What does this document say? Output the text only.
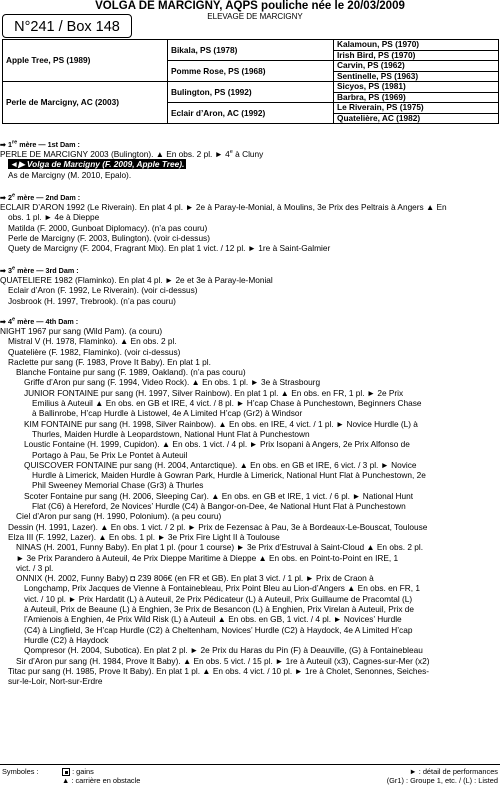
VOLGA DE MARCIGNY, AQPS pouliche née le 20/03/2009
ELEVAGE DE MARCIGNY
N°241 / Box 148
Apple Tree, PS (1989)	Bikala, PS (1978)	Kalamoun, PS (1970)
		Irish Bird, PS (1970)
	Pomme Rose, PS (1968)	Carvin, PS (1962)
		Sentinelle, PS (1963)
Perle de Marcigny, AC (2003)	Bulington, PS (1992)	Sicyos, PS (1981)
		Barbra, PS (1969)
	Eclair d’Aron, AC (1992)	Le Riverain, PS (1975)
		Quatelière, AC (1982)
➡ 1re mère — 1st Dam :
PERLE DE MARCIGNY 2003 (Bulington). ▲ En obs. 2 pl. ► 4e à Cluny
◄▶ Volga de Marcigny (F. 2009, Apple Tree).
As de Marcigny (M. 2010, Epalo).
➡ 2e mère — 2nd Dam :
ECLAIR D’ARON 1992 (Le Riverain). En plat 4 pl. ► 2e à Paray-le-Monial, à Moulins, 3e Prix des Peltrais à Angers ▲ En
obs. 1 pl. ► 4e à Dieppe
Matilda (F. 2000, Gunboat Diplomacy). (n’a pas couru)
Perle de Marcigny (F. 2003, Bulington). (voir ci-dessus)
Quety de Marcigny (F. 2004, Fragrant Mix). En plat 1 vict. / 12 pl. ► 1re à Saint-Galmier
➡ 3e mère — 3rd Dam :
QUATELIERE 1982 (Flaminko). En plat 4 pl. ► 2e et 3e à Paray-le-Monial
Eclair d’Aron (F. 1992, Le Riverain). (voir ci-dessus)
Josbrook (H. 1997, Trebrook). (n’a pas couru)
➡ 4e mère — 4th Dam :
NIGHT 1967 pur sang (Wild Pam). (a couru)
Mistral V (H. 1978, Flaminko). ▲ En obs. 2 pl.
Quatelière (F. 1982, Flaminko). (voir ci-dessus)
Raclette pur sang (F. 1983, Prove It Baby). En plat 1 pl.
Blanche Fontaine pur sang (F. 1989, Oakland). (n’a pas couru)
Griffe d’Aron pur sang (F. 1994, Video Rock). ▲ En obs. 1 pl. ► 3e à Strasbourg
JUNIOR FONTAINE pur sang (H. 1997, Silver Rainbow). En plat 1 pl. ▲ En obs. en FR, 1 pl. ► 2e Prix
Emilius à Auteuil ▲ En obs. en GB et IRE, 4 vict. / 8 pl. ► H’cap Chase à Punchestown, Beginners Chase
à Ballinrobe, H’cap Hurdle à Listowel, 4e A Limited H’cap (Gr2) à Windsor
KIM FONTAINE pur sang (H. 1998, Silver Rainbow). ▲ En obs. en IRE, 4 vict. / 1 pl. ► Novice Hurdle (L) à
Thurles, Maiden Hurdle à Leopardstown, National Hunt Flat à Punchestown
Loustic Fontaine (H. 1999, Cupidon). ▲ En obs. 1 vict. / 4 pl. ► Prix Isopani à Angers, 2e Prix Alfonso de
Portago à Pau, 5e Prix Le Pontet à Auteuil
QUISCOVER FONTAINE pur sang (H. 2004, Antarctique). ▲ En obs. en GB et IRE, 6 vict. / 3 pl. ► Novice
Hurdle à Limerick, Maiden Hurdle à Gowran Park, Hurdle à Limerick, National Hunt Flat à Punchestown, 2e
Phil Sweeney Memorial Chase (Gr3) à Thurles
Scoter Fontaine pur sang (H. 2006, Sleeping Car). ▲ En obs. en GB et IRE, 1 vict. / 6 pl. ► National Hunt
Flat (C6) à Hereford, 2e Novices’ Hurdle (C4) à Bangor-on-Dee, 4e National Hunt Flat à Punchestown
Ciel d’Aron pur sang (H. 1990, Polonium). (a peu couru)
Dessin (H. 1991, Lazer). ▲ En obs. 1 vict. / 2 pl. ► Prix de Fezensac à Pau, 3e à Bordeaux-Le-Bouscat, Toulouse
Elza III (F. 1992, Lazer). ▲ En obs. 1 pl. ► 3e Prix Fire Light II à Toulouse
NINAS (H. 2001, Funny Baby). En plat 1 pl. (pour 1 course) ► 3e Prix d’Estruval à Saint-Cloud ▲ En obs. 2 pl.
► 3e Prix Parandero à Auteuil, 4e Prix Dieppe Maritime à Dieppe ▲ En obs. en Point-to-Point en IRE, 1
vict. / 3 pl.
ONNIX (H. 2002, Funny Baby) ◘ 239 806€ (en FR et GB). En plat 3 vict. / 1 pl. ► Prix de Craon à
Longchamp, Prix Jacques de Vienne à Fontainebleau, Prix Point Bleu au Lion-d’Angers ▲ En obs. en FR, 1
vict. / 10 pl. ► Prix Hardatit (L) à Auteuil, 2e Prix Pédicateur (L) à Auteuil, Prix Guillaume de Pracomtal (L)
à Auteuil, Prix de Beaune (L) à Enghien, 3e Prix de Besancon (L) à Enghien, Prix Virelan à Auteuil, Prix de
l’Amienois à Enghien, 4e Prix Wild Risk (L) à Auteuil ▲ En obs. en GB, 1 vict. / 4 pl. ► Novices’ Hurdle
(C4) à Lingfield, 3e H’cap Hurdle (C2) à Cheltenham, Novices’ Hurdle (C2) à Haydock, 4e A Limited H’cap
Hurdle (C2) à Haydock
Qompresor (H. 2004, Subotica). En plat 2 pl. ► 2e Prix du Haras du Pin (F) à Deauville, (G) à Fontainebleau
Sir d’Aron pur sang (H. 1984, Prove It Baby). ▲ En obs. 5 vict. / 15 pl. ► 1re à Auteuil (x3), Cagnes-sur-Mer (x2)
Titac pur sang (H. 1985, Prove It Baby). En plat 1 pl. ▲ En obs. 4 vict. / 10 pl. ► 1re à Cholet, Senonnes, Seiches-
sur-le-Loir, Nort-sur-Erdre
Symboles :	: gains	► : détail de performances
▲ : carrière en obstacle	(Gr1) : Groupe 1, etc. / (L) : Listed
